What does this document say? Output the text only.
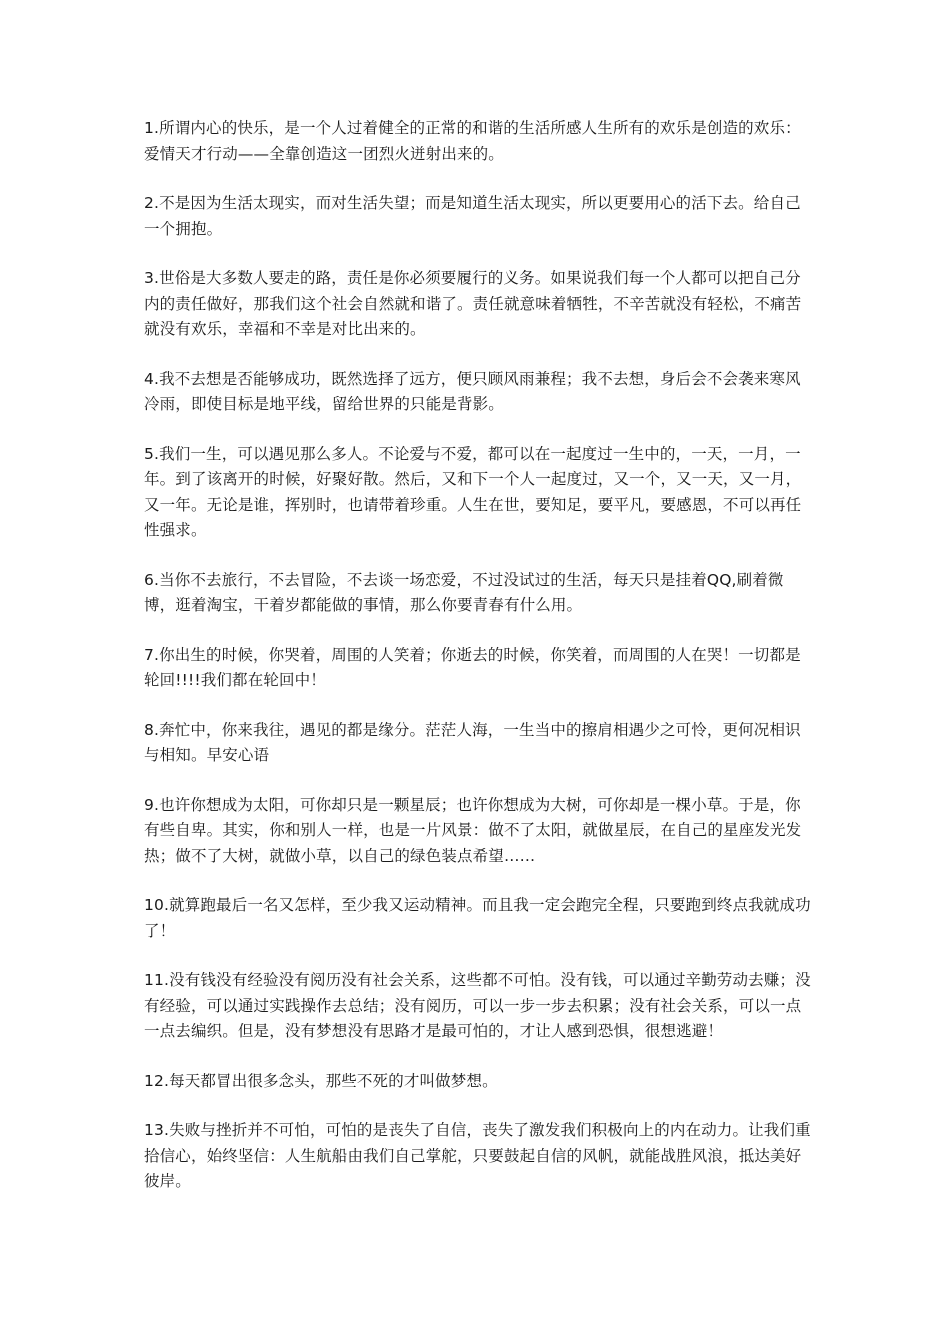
1.所谓内心的快乐，是一个人过着健全的正常的和谐的生活所感人生所有的欢乐是创造的欢乐：爱情天才行动——全靠创造这一团烈火迸射出来的。

2.不是因为生活太现实，而对生活失望；而是知道生活太现实，所以更要用心的活下去。给自己一个拥抱。

3.世俗是大多数人要走的路，责任是你必须要履行的义务。如果说我们每一个人都可以把自己分内的责任做好，那我们这个社会自然就和谐了。责任就意味着牺牲，不辛苦就没有轻松，不痛苦就没有欢乐，幸福和不幸是对比出来的。

4.我不去想是否能够成功，既然选择了远方，便只顾风雨兼程；我不去想，身后会不会袭来寒风冷雨，即使目标是地平线，留给世界的只能是背影。

5.我们一生，可以遇见那么多人。不论爱与不爱，都可以在一起度过一生中的，一天，一月，一年。到了该离开的时候，好聚好散。然后，又和下一个人一起度过，又一个，又一天，又一月，又一年。无论是谁，挥别时，也请带着珍重。人生在世，要知足，要平凡，要感恩，不可以再任性强求。

6.当你不去旅行，不去冒险，不去谈一场恋爱，不过没试过的生活，每天只是挂着QQ,刷着微博，逛着淘宝，干着岁都能做的事情，那么你要青春有什么用。

7.你出生的时候，你哭着，周围的人笑着；你逝去的时候，你笑着，而周围的人在哭！一切都是轮回!!!!我们都在轮回中！

8.奔忙中，你来我往，遇见的都是缘分。茫茫人海，一生当中的擦肩相遇少之可怜，更何况相识与相知。早安心语

9.也许你想成为太阳，可你却只是一颗星辰；也许你想成为大树，可你却是一棵小草。于是，你有些自卑。其实，你和别人一样，也是一片风景：做不了太阳，就做星辰，在自己的星座发光发热；做不了大树，就做小草，以自己的绿色装点希望……

10.就算跑最后一名又怎样，至少我又运动精神。而且我一定会跑完全程，只要跑到终点我就成功了！

11.没有钱没有经验没有阅历没有社会关系，这些都不可怕。没有钱，可以通过辛勤劳动去赚；没有经验，可以通过实践操作去总结；没有阅历，可以一步一步去积累；没有社会关系，可以一点一点去编织。但是，没有梦想没有思路才是最可怕的，才让人感到恐惧，很想逃避！

12.每天都冒出很多念头，那些不死的才叫做梦想。

13.失败与挫折并不可怕，可怕的是丧失了自信，丧失了激发我们积极向上的内在动力。让我们重拾信心，始终坚信：人生航船由我们自己掌舵，只要鼓起自信的风帆，就能战胜风浪，抵达美好彼岸。
